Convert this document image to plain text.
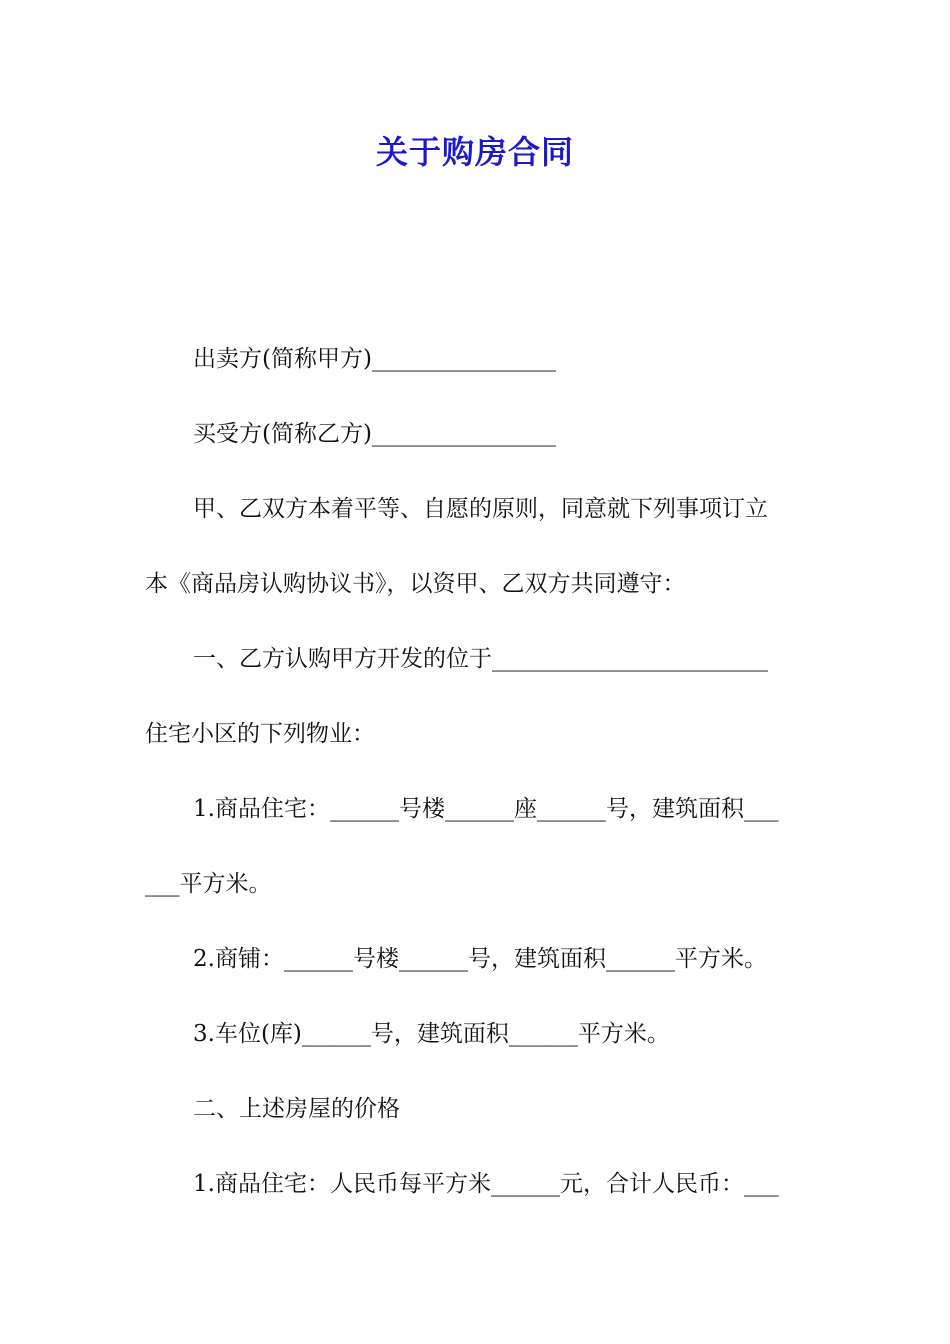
关于购房合同

出卖方(简称甲方)________________

买受方(简称乙方)________________

甲、乙双方本着平等、自愿的原则，同意就下列事项订立

本《商品房认购协议书》，以资甲、乙双方共同遵守：

一、乙方认购甲方开发的位于________________________

住宅小区的下列物业：

1.商品住宅：______号楼______座______号，建筑面积___

___平方米。

2.商铺：______号楼______号，建筑面积______平方米。

3.车位(库)______号，建筑面积______平方米。

二、上述房屋的价格

1.商品住宅：人民币每平方米______元，合计人民币：___
